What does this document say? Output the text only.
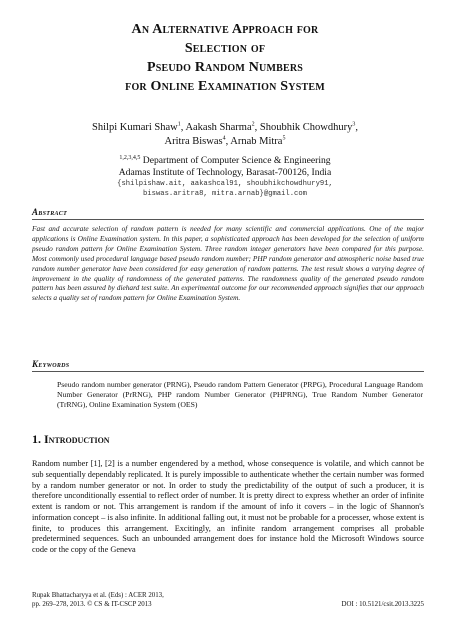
An Alternative Approach for
Selection of
Pseudo Random Numbers
for Online Examination System
Shilpi Kumari Shaw$^1$, Aakash Sharma$^2$, Shoubhik Chowdhury$^3$,
Aritra Biswas$^4$, Arnab Mitra$^5$
$^{1,2,3,4,5}$ Department of Computer Science & Engineering
Adamas Institute of Technology, Barasat-700126, India
{shilpishaw.ait, aakashcal91, shoubhikchowdhury91,
biswas.aritra8, mitra.arnab}@gmail.com
Abstract
Fast and accurate selection of random pattern is needed for many scientific and commercial applications. One of the major applications is Online Examination system. In this paper, a sophisticated approach has been developed for the selection of uniform pseudo random pattern for Online Examination System. Three random integer generators have been compared for this purpose. Most commonly used procedural language based pseudo random number; PHP random generator and atmospheric noise based true random number generator have been considered for easy generation of random patterns. The test result shows a varying degree of improvement in the quality of randomness of the generated patterns. The randomness quality of the generated pseudo random pattern has been assured by diehard test suite. An experimental outcome for our recommended approach signifies that our approach selects a quality set of random pattern for Online Examination System.
Keywords
Pseudo random number generator (PRNG), Pseudo random Pattern Generator (PRPG), Procedural Language Random Number Generator (PrRNG), PHP random Number Generator (PHPRNG), True Random Number Generator (TrRNG), Online Examination System (OES)
1. Introduction
Random number [1], [2] is a number engendered by a method, whose consequence is volatile, and which cannot be sub sequentially dependably replicated. It is purely impossible to authenticate whether the certain number was formed by a random number generator or not. In order to study the predictability of the output of such a producer, it is therefore unconditionally essential to reflect order of number. It is pretty direct to express whether an order of infinite extent is random or not. This arrangement is random if the amount of info it covers – in the logic of Shannon's information concept – is also infinite. In additional falling out, it must not be probable for a processer, whose extent is finite, to produces this arrangement. Excitingly, an infinite random arrangement comprises all probable predetermined sequences. Such an unbounded arrangement does for instance hold the Microsoft Windows source code or the copy of the Geneva
Rupak Bhattacharyya et al. (Eds) : ACER 2013,
pp. 269–278, 2013. © CS & IT-CSCP 2013	DOI : 10.5121/csit.2013.3225
